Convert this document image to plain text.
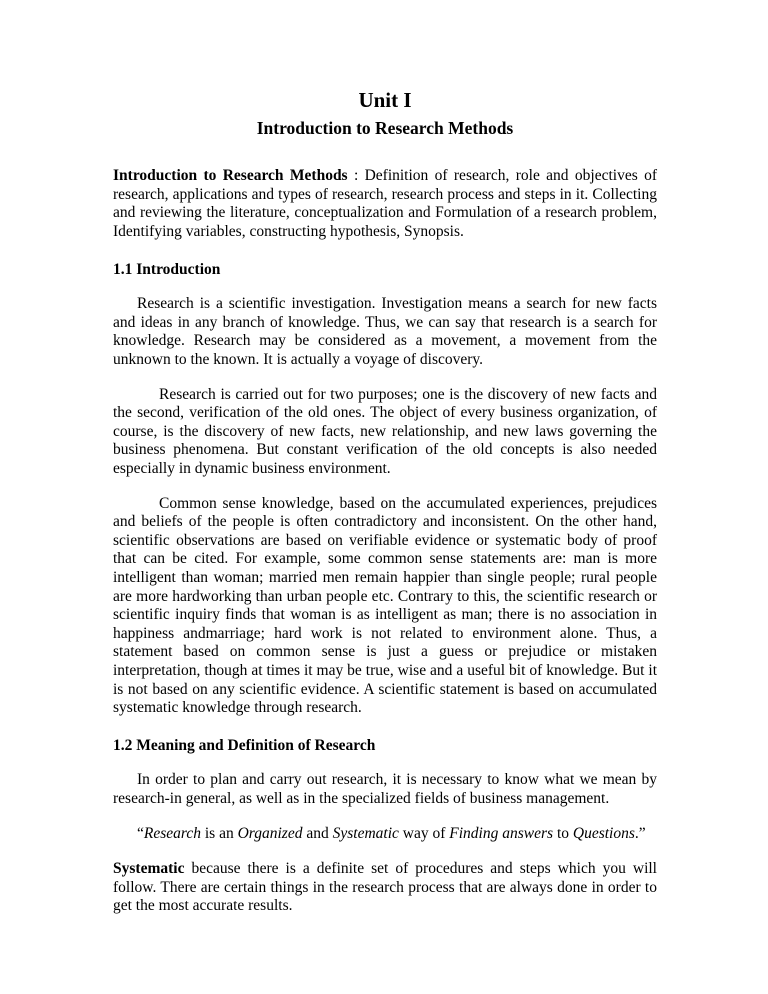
Unit I
Introduction to Research Methods

Introduction to Research Methods : Definition of research, role and objectives of research, applications and types of research, research process and steps in it. Collecting and reviewing the literature, conceptualization and Formulation of a research problem, Identifying variables, constructing hypothesis, Synopsis.

1.1 Introduction

Research is a scientific investigation. Investigation means a search for new facts and ideas in any branch of knowledge. Thus, we can say that research is a search for knowledge. Research may be considered as a movement, a movement from the unknown to the known. It is actually a voyage of discovery.

Research is carried out for two purposes; one is the discovery of new facts and the second, verification of the old ones. The object of every business organization, of course, is the discovery of new facts, new relationship, and new laws governing the business phenomena. But constant verification of the old concepts is also needed especially in dynamic business environment.

Common sense knowledge, based on the accumulated experiences, prejudices and beliefs of the people is often contradictory and inconsistent. On the other hand, scientific observations are based on verifiable evidence or systematic body of proof that can be cited. For example, some common sense statements are: man is more intelligent than woman; married men remain happier than single people; rural people are more hardworking than urban people etc. Contrary to this, the scientific research or scientific inquiry finds that woman is as intelligent as man; there is no association in happiness andmarriage; hard work is not related to environment alone. Thus, a statement based on common sense is just a guess or prejudice or mistaken interpretation, though at times it may be true, wise and a useful bit of knowledge. But it is not based on any scientific evidence. A scientific statement is based on accumulated systematic knowledge through research.

1.2 Meaning and Definition of Research

In order to plan and carry out research, it is necessary to know what we mean by research-in general, as well as in the specialized fields of business management.

“Research is an Organized and Systematic way of Finding answers to Questions.”

Systematic because there is a definite set of procedures and steps which you will follow. There are certain things in the research process that are always done in order to get the most accurate results.
